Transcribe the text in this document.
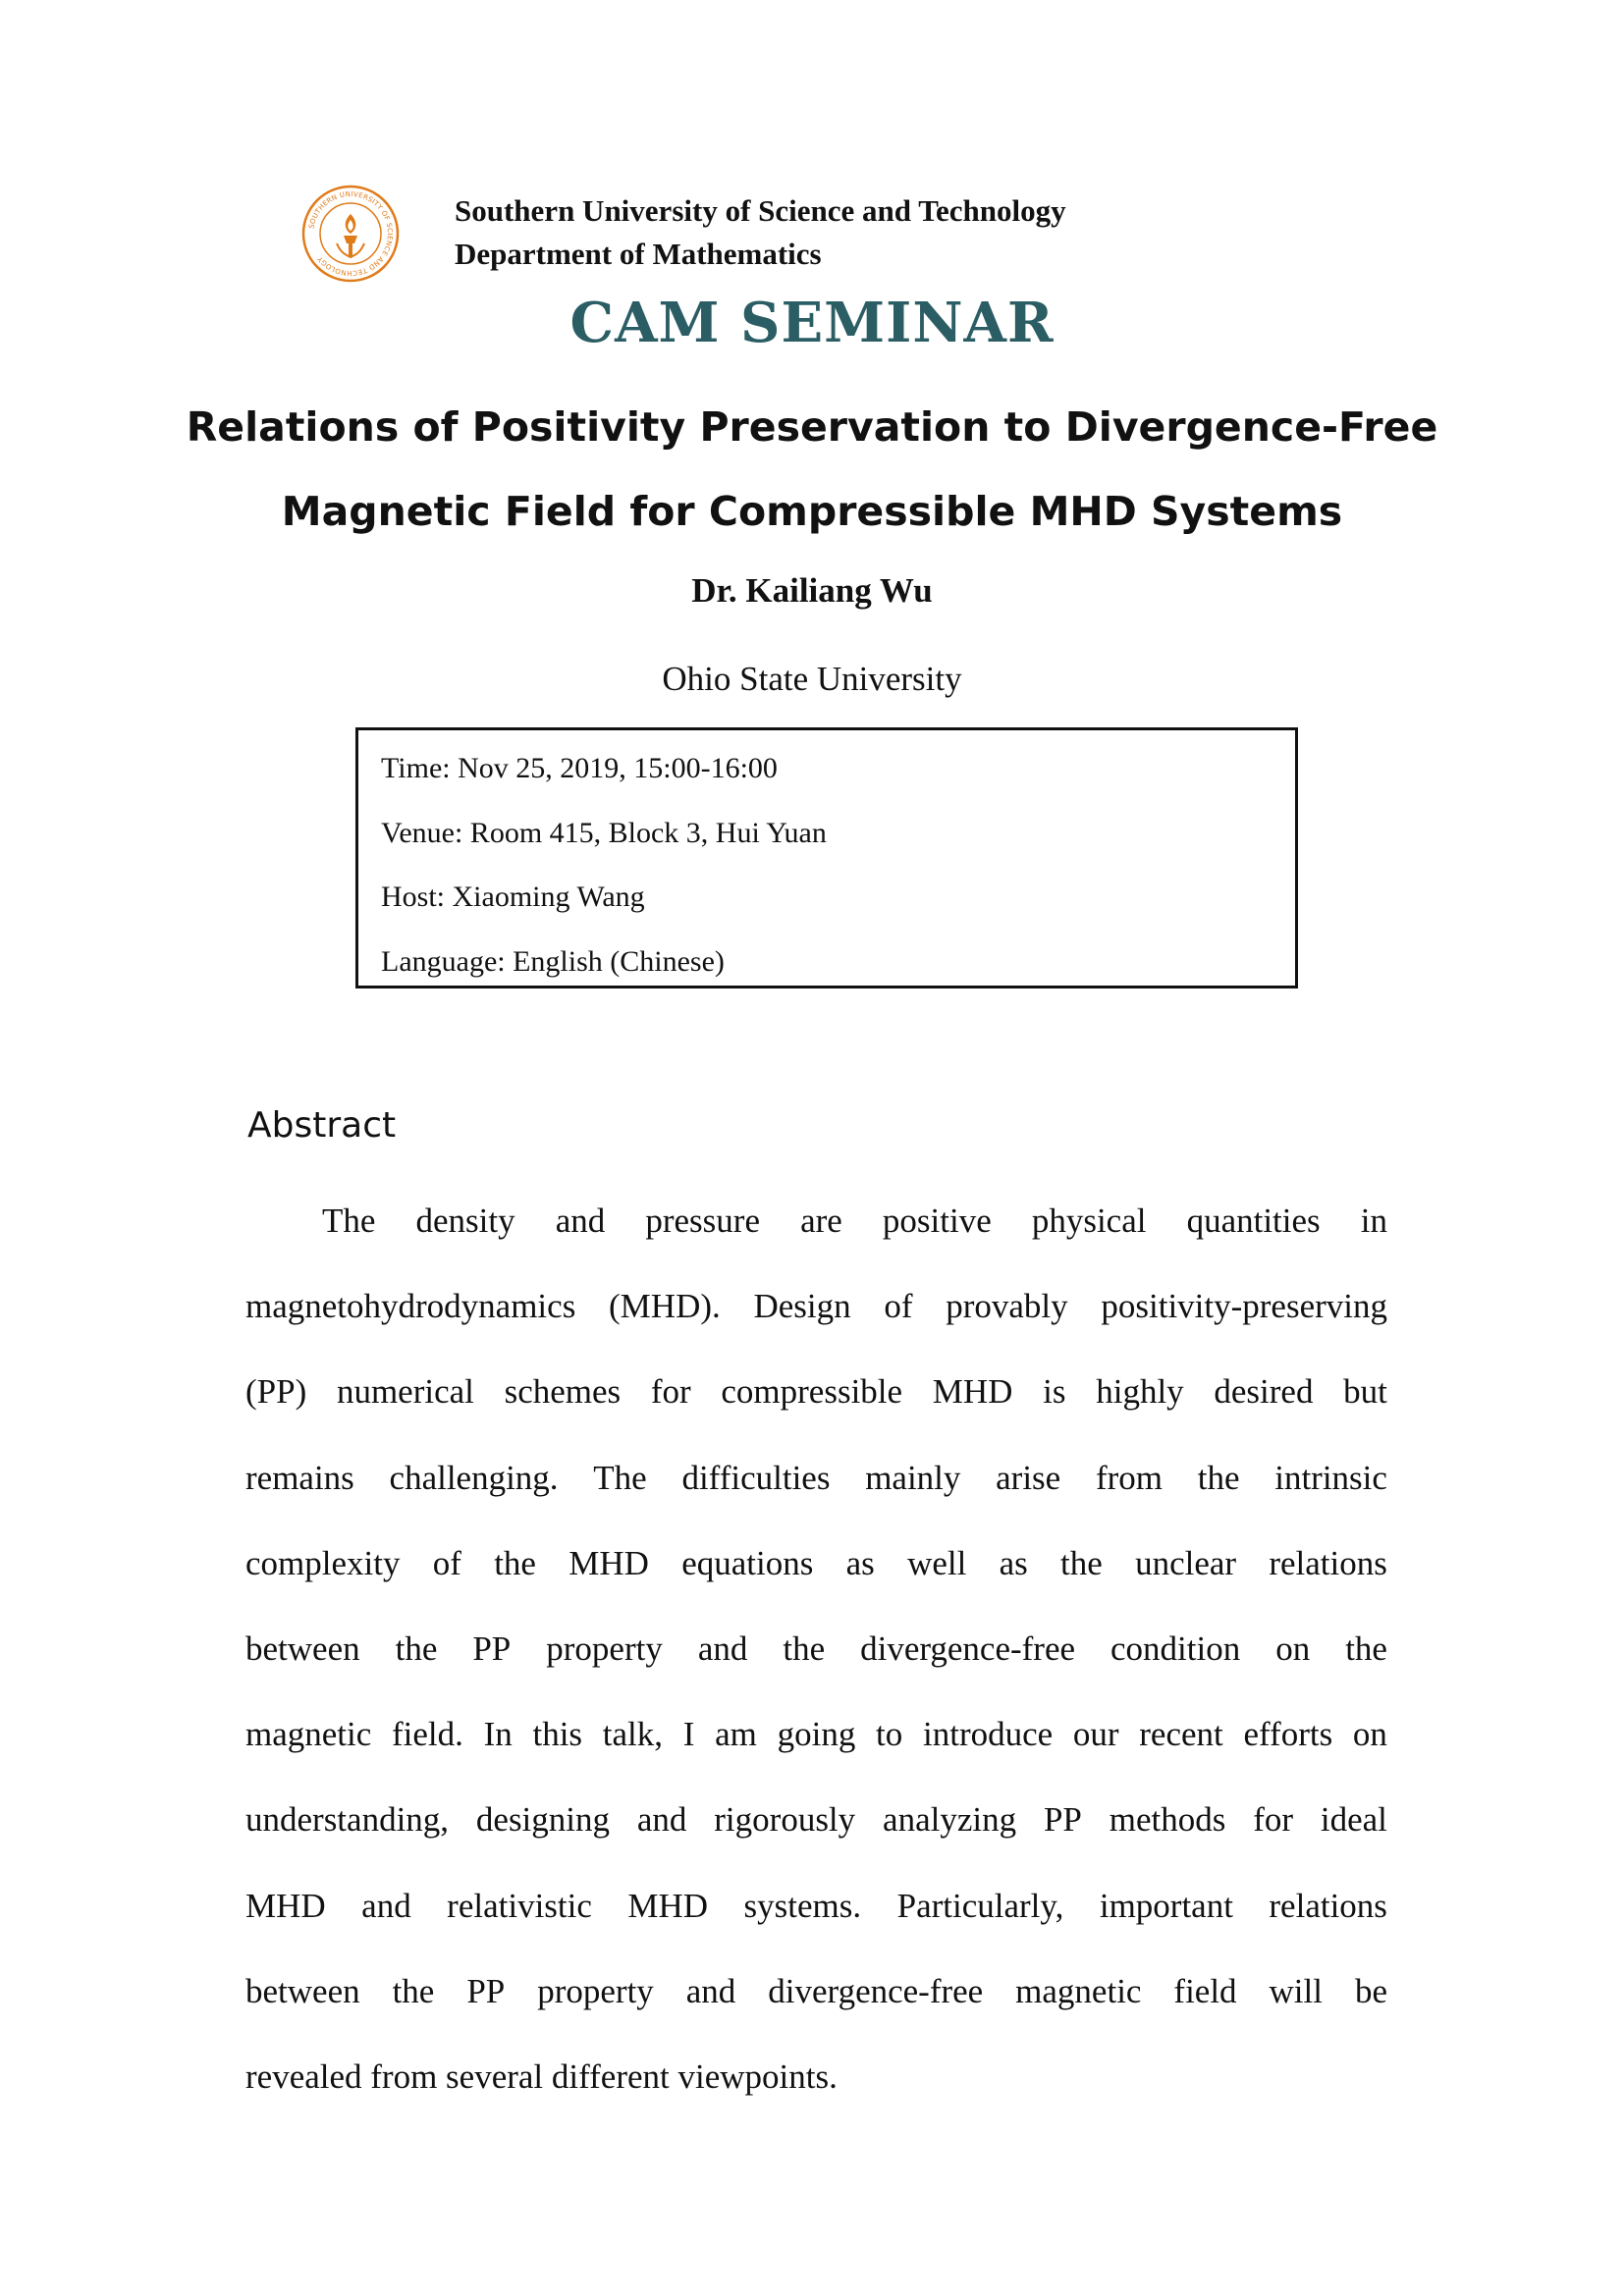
SOUTHERN UNIVERSITY OF SCIENCE AND TECHNOLOGY
Southern University of Science and Technology
Department of Mathematics
CAM SEMINAR
Relations of Positivity Preservation to Divergence-Free
Magnetic Field for Compressible MHD Systems
Dr. Kailiang Wu
Ohio State University
Time: Nov 25, 2019, 15:00-16:00
Venue: Room 415, Block 3, Hui Yuan
Host: Xiaoming Wang
Language: English (Chinese)
Abstract
The density and pressure are positive physical quantities in
magnetohydrodynamics (MHD). Design of provably positivity-preserving
(PP) numerical schemes for compressible MHD is highly desired but
remains challenging. The difficulties mainly arise from the intrinsic
complexity of the MHD equations as well as the unclear relations
between the PP property and the divergence-free condition on the
magnetic field. In this talk, I am going to introduce our recent efforts on
understanding, designing and rigorously analyzing PP methods for ideal
MHD and relativistic MHD systems. Particularly, important relations
between the PP property and divergence-free magnetic field will be
revealed from several different viewpoints.
